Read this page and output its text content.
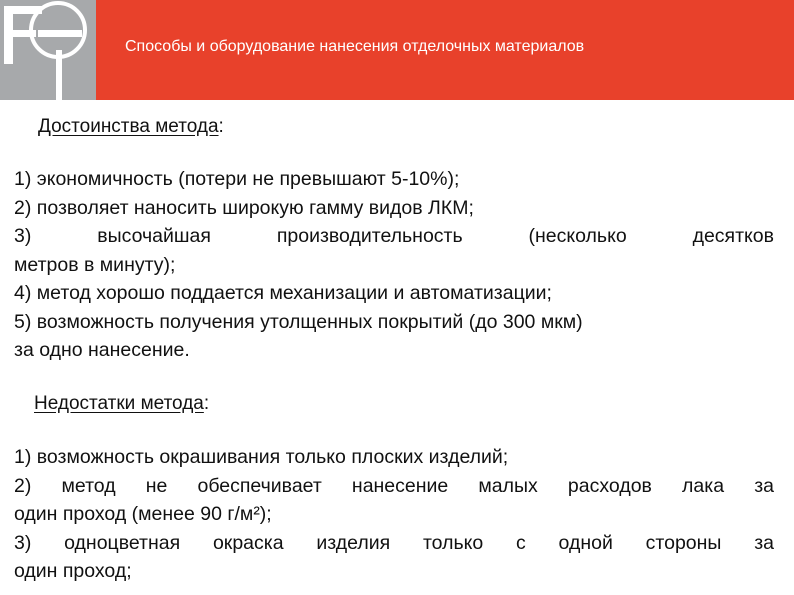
Способы и оборудование нанесения отделочных материалов
Достоинства метода:
1) экономичность (потери не превышают 5-10%);
2) позволяет наносить широкую гамму видов ЛКМ;
3) высочайшая производительность (несколько десятков
метров в минуту);
4) метод хорошо поддается механизации и автоматизации;
5) возможность получения утолщенных покрытий (до 300 мкм)
за одно нанесение.
Недостатки метода:
1) возможность окрашивания только плоских изделий;
2) метод не обеспечивает нанесение малых расходов лака за
один проход (менее 90 г/м²);
3) одноцветная окраска изделия только с одной стороны за
один проход;
